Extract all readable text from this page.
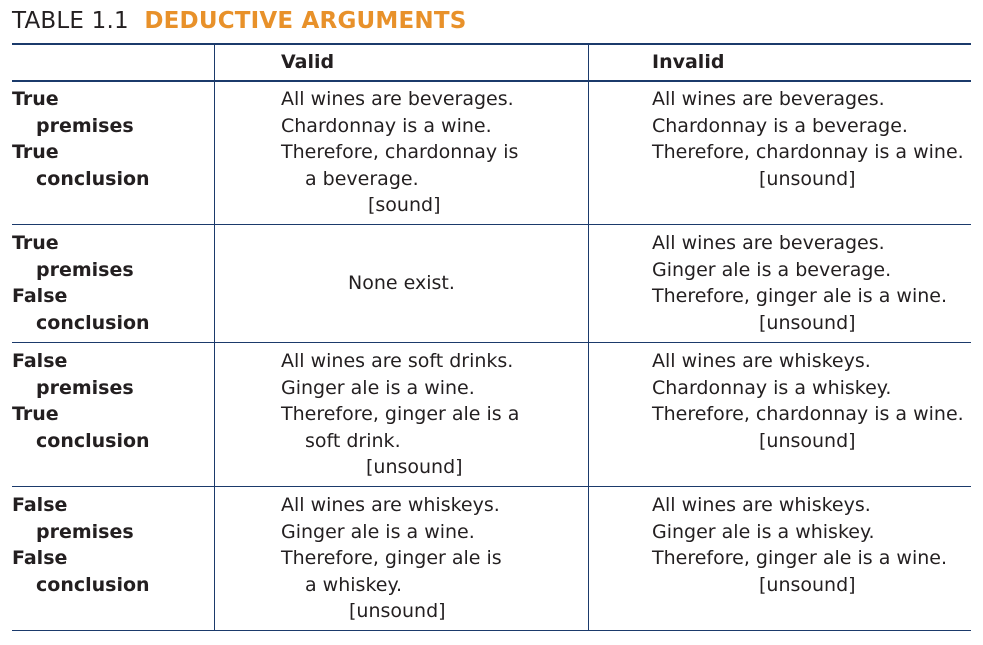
TABLE 1.1 DEDUCTIVE ARGUMENTS
Valid	Invalid
True
premises
True
conclusion
All wines are beverages.
Chardonnay is a wine.
Therefore, chardonnay is
a beverage.
[sound]
All wines are beverages.
Chardonnay is a beverage.
Therefore, chardonnay is a wine.
[unsound]
True
premises
False
conclusion
None exist.
All wines are beverages.
Ginger ale is a beverage.
Therefore, ginger ale is a wine.
[unsound]
False
premises
True
conclusion
All wines are soft drinks.
Ginger ale is a wine.
Therefore, ginger ale is a
soft drink.
[unsound]
All wines are whiskeys.
Chardonnay is a whiskey.
Therefore, chardonnay is a wine.
[unsound]
False
premises
False
conclusion
All wines are whiskeys.
Ginger ale is a wine.
Therefore, ginger ale is
a whiskey.
[unsound]
All wines are whiskeys.
Ginger ale is a whiskey.
Therefore, ginger ale is a wine.
[unsound]
